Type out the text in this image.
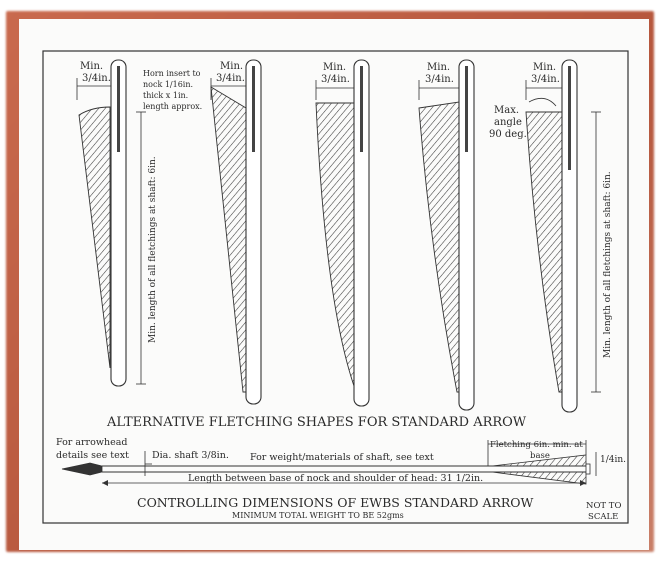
Min.
3/4in.	Horn insert to
nock 1/16in.
thick x 1in.
length approx.
Min. length of all fletchings at shaft: 6in.
Min.
3/4in.
Min.
3/4in.
Min.
3/4in.
Min.
3/4in.
Max.
angle
90 deg.
Min. length of all fletchings at shaft: 6in.
ALTERNATIVE FLETCHING SHAPES FOR STANDARD ARROW
For arrowhead
details see text Dia. shaft 3/8in. For weight/materials of shaft, see text
Fletching 6in. min. at
base	1/4in.
Length between base of nock and shoulder of head: 31 1/2in.
CONTROLLING DIMENSIONS OF EWBS STANDARD ARROW
MINIMUM TOTAL WEIGHT TO BE 52gms
NOT TO
SCALE
